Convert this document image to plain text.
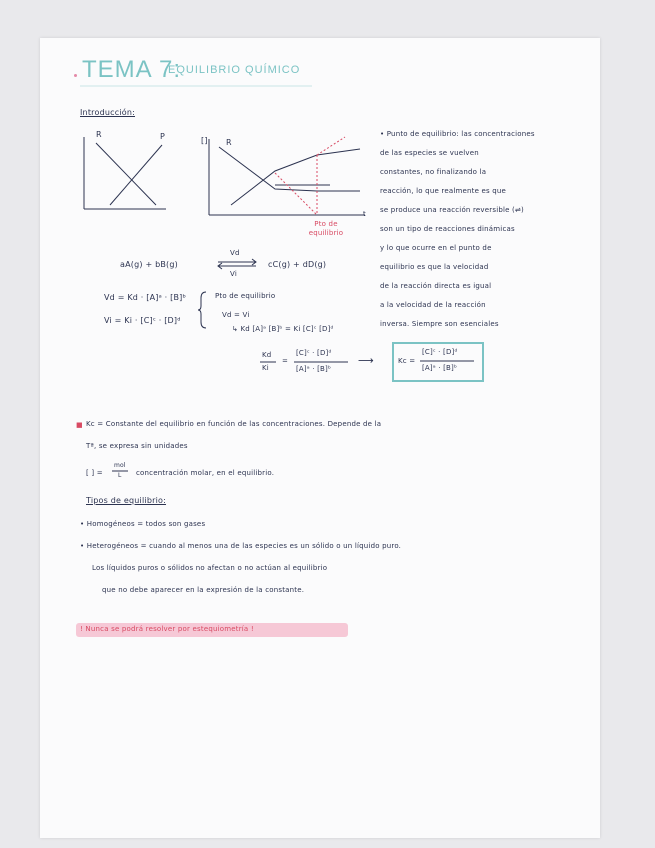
TEMA 7:
EQUILIBRIO QUÍMICO
Introducción:
R	P	[] R
t
Pto de equilibrio
• Punto de equilibrio: las concentraciones
de las especies se vuelven
constantes, no finalizando la
reacción, lo que realmente es que
se produce una reacción reversible (⇌)
son un tipo de reacciones dinámicas
y lo que ocurre en el punto de
equilibrio es que la velocidad
de la reacción directa es igual
a la velocidad de la reacción
inversa. Siempre son esenciales
aA(g) + bB(g)
Vd
Vi
cC(g) + dD(g)
Vd = Kd · [A]ᵃ · [B]ᵇ
Vi = Ki · [C]ᶜ · [D]ᵈ
Pto de equilibrio
Vd = Vi
↳ Kd [A]ᵃ [B]ᵇ = Ki [C]ᶜ [D]ᵈ
Kd
Ki
=
[C]ᶜ · [D]ᵈ
[A]ᵃ · [B]ᵇ
⟶	Kc =
[C]ᶜ · [D]ᵈ
[A]ᵃ · [B]ᵇ
■ Kc = Constante del equilibrio en función de las concentraciones. Depende de la
Tª, se expresa sin unidades
[ ] =
mol
L concentración molar, en el equilibrio.
Tipos de equilibrio:
• Homogéneos = todos son gases
• Heterogéneos = cuando al menos una de las especies es un sólido o un líquido puro.
Los líquidos puros o sólidos no afectan o no actúan al equilibrio
que no debe aparecer en la expresión de la constante.
! Nunca se podrá resolver por estequiometría !
